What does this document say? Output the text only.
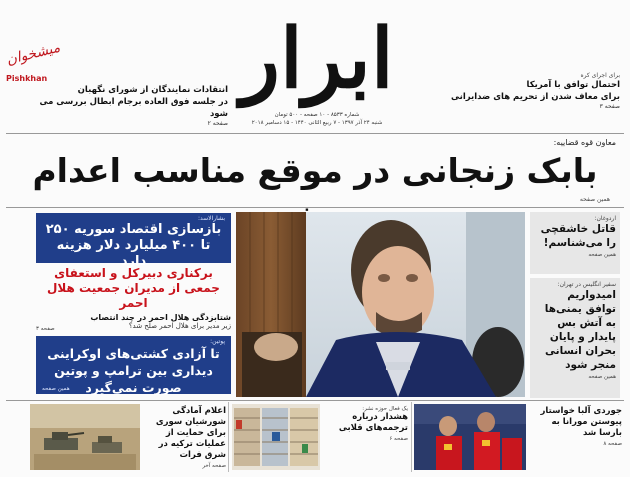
ابرار
شماره ۸۵۳۳ - ۱۰ صفحه - ۵۰۰ تومان
شنبه ۲۴ آذر ۱۳۹۷ - ۷ ربیع الثانی ۱۴۴۰ - ۱۵ دسامبر ۲۰۱۸
برای اجرای کره
احتمال توافق با آمریکا
برای معاف شدن از تحریم های ضدایرانی
صفحه ۳
انتقادات نمایندگان از شورای نگهبان
در جلسه فوق العاده برجام ابطال بررسی می شود
صفحه ۲
میشخوان
Pishkhan
معاون قوه قضاییه:
بابک زنجانی در موقع مناسب اعدام
همین صفحه
بشارالاسد:
بازسازی اقتصاد سوریه ۲۵۰ تا ۴۰۰ میلیارد دلار هزینه دارد
برکناری دبیرکل و استعفای جمعی از مدیران جمعیت هلال احمر
شتابزدگی هلال احمر در چند انتصاب
زیر مدیر برای هلال احمر صلح شد؟
صفحه ۳
پوتین:
تا آزادی کشتی‌های اوکراینی دیداری بین ترامپ و پوتین صورت نمی‌گیرد
همین صفحه
اردوغان:
قاتل خاشقچی را می‌شناسم!
همین صفحه
سفیر انگلیس در تهران:
امیدواریم توافق یمنی‌ها به آتش بس پایدار و پایان بحران انسانی منجر شود
همین صفحه
اعلام آمادگی شورشیان سوری برای حمایت از عملیات ترکیه در شرق فرات
صفحه آخر
یک فعال حوزه نشر:
هشدار درباره ترجمه‌های قلابی
صفحه ۶
جوردی آلبا خواستار پیوستن مورانا به بارسا شد
صفحه ۸
